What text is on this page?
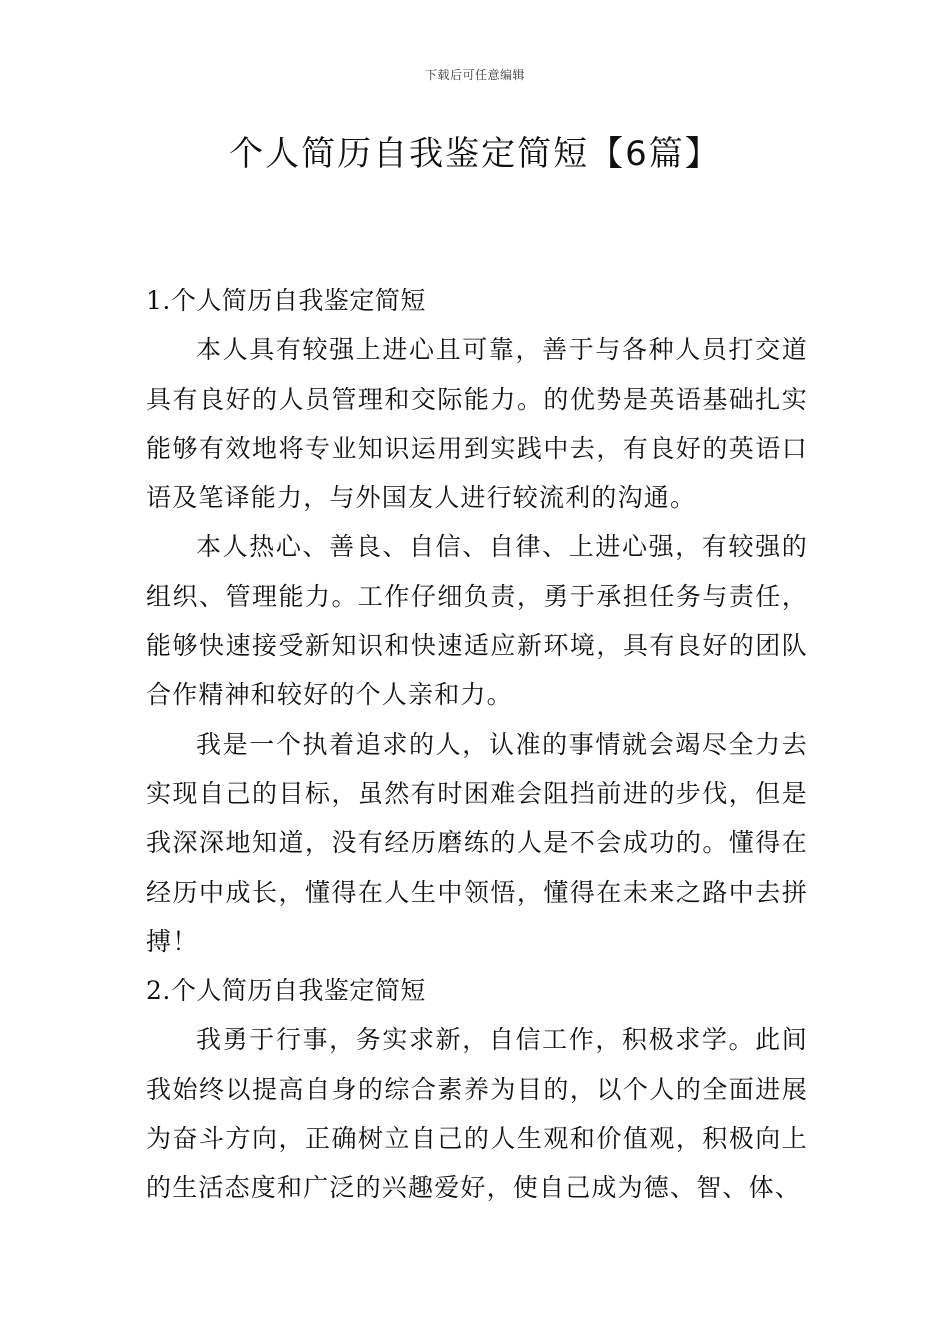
下载后可任意编辑
个人简历自我鉴定简短【6篇】
1.个人简历自我鉴定简短

本人具有较强上进心且可靠，善于与各种人员打交道具有良好的人员管理和交际能力。的优势是英语基础扎实能够有效地将专业知识运用到实践中去，有良好的英语口语及笔译能力，与外国友人进行较流利的沟通。

本人热心、善良、自信、自律、上进心强，有较强的组织、管理能力。工作仔细负责，勇于承担任务与责任，能够快速接受新知识和快速适应新环境，具有良好的团队合作精神和较好的个人亲和力。

我是一个执着追求的人，认准的事情就会竭尽全力去实现自己的目标，虽然有时困难会阻挡前进的步伐，但是我深深地知道，没有经历磨练的人是不会成功的。懂得在经历中成长，懂得在人生中领悟，懂得在未来之路中去拼搏！

2.个人简历自我鉴定简短

我勇于行事，务实求新，自信工作，积极求学。此间我始终以提高自身的综合素养为目的，以个人的全面进展为奋斗方向，正确树立自己的人生观和价值观，积极向上的生活态度和广泛的兴趣爱好，使自己成为德、智、体、
